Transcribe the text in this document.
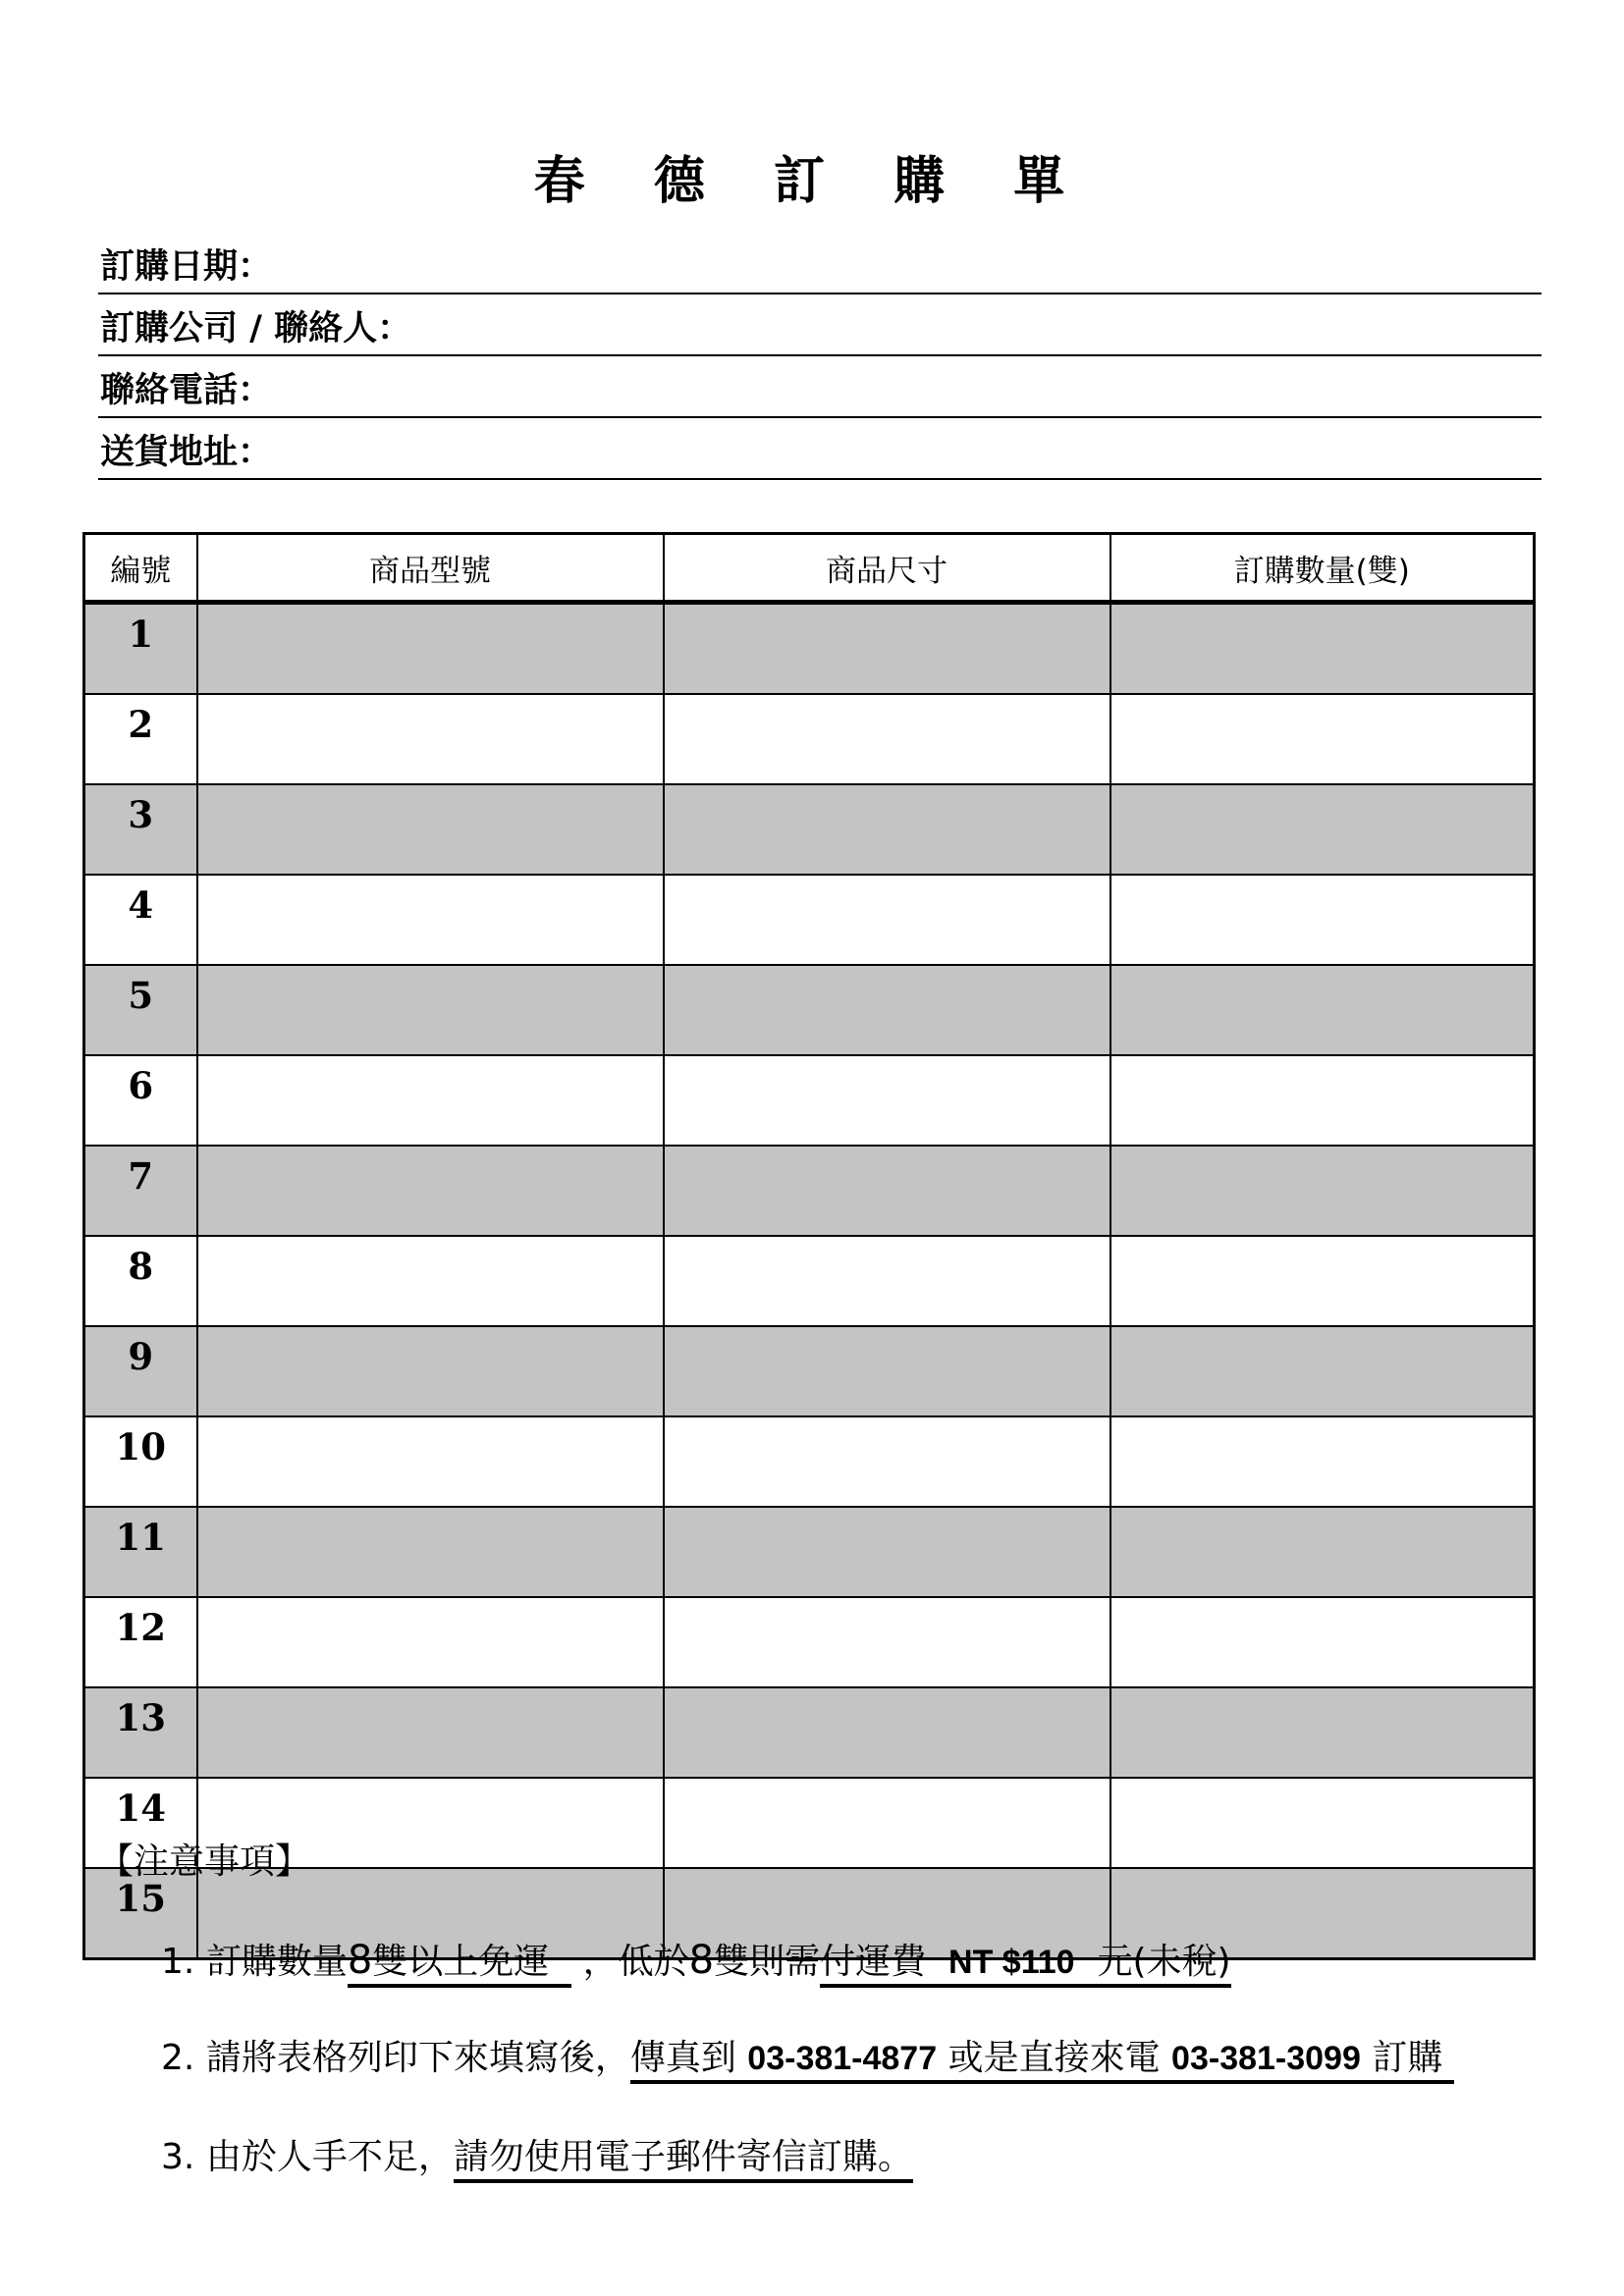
春 德 訂 購 單
訂購日期：
訂購公司 / 聯絡人：
聯絡電話：
送貨地址：
編號	商品型號	商品尺寸	訂購數量(雙)
1			
2			
3			
4			
5			
6			
7			
8			
9			
10			
11			
12			
13			
14			
15			
【注意事項】
1. 訂購數量8雙以上免運 ，低於8雙則需付運費 NT $110 元(未稅)
2. 請將表格列印下來填寫後，傳真到 03-381-4877 或是直接來電 03-381-3099 訂購
3. 由於人手不足，請勿使用電子郵件寄信訂購。
